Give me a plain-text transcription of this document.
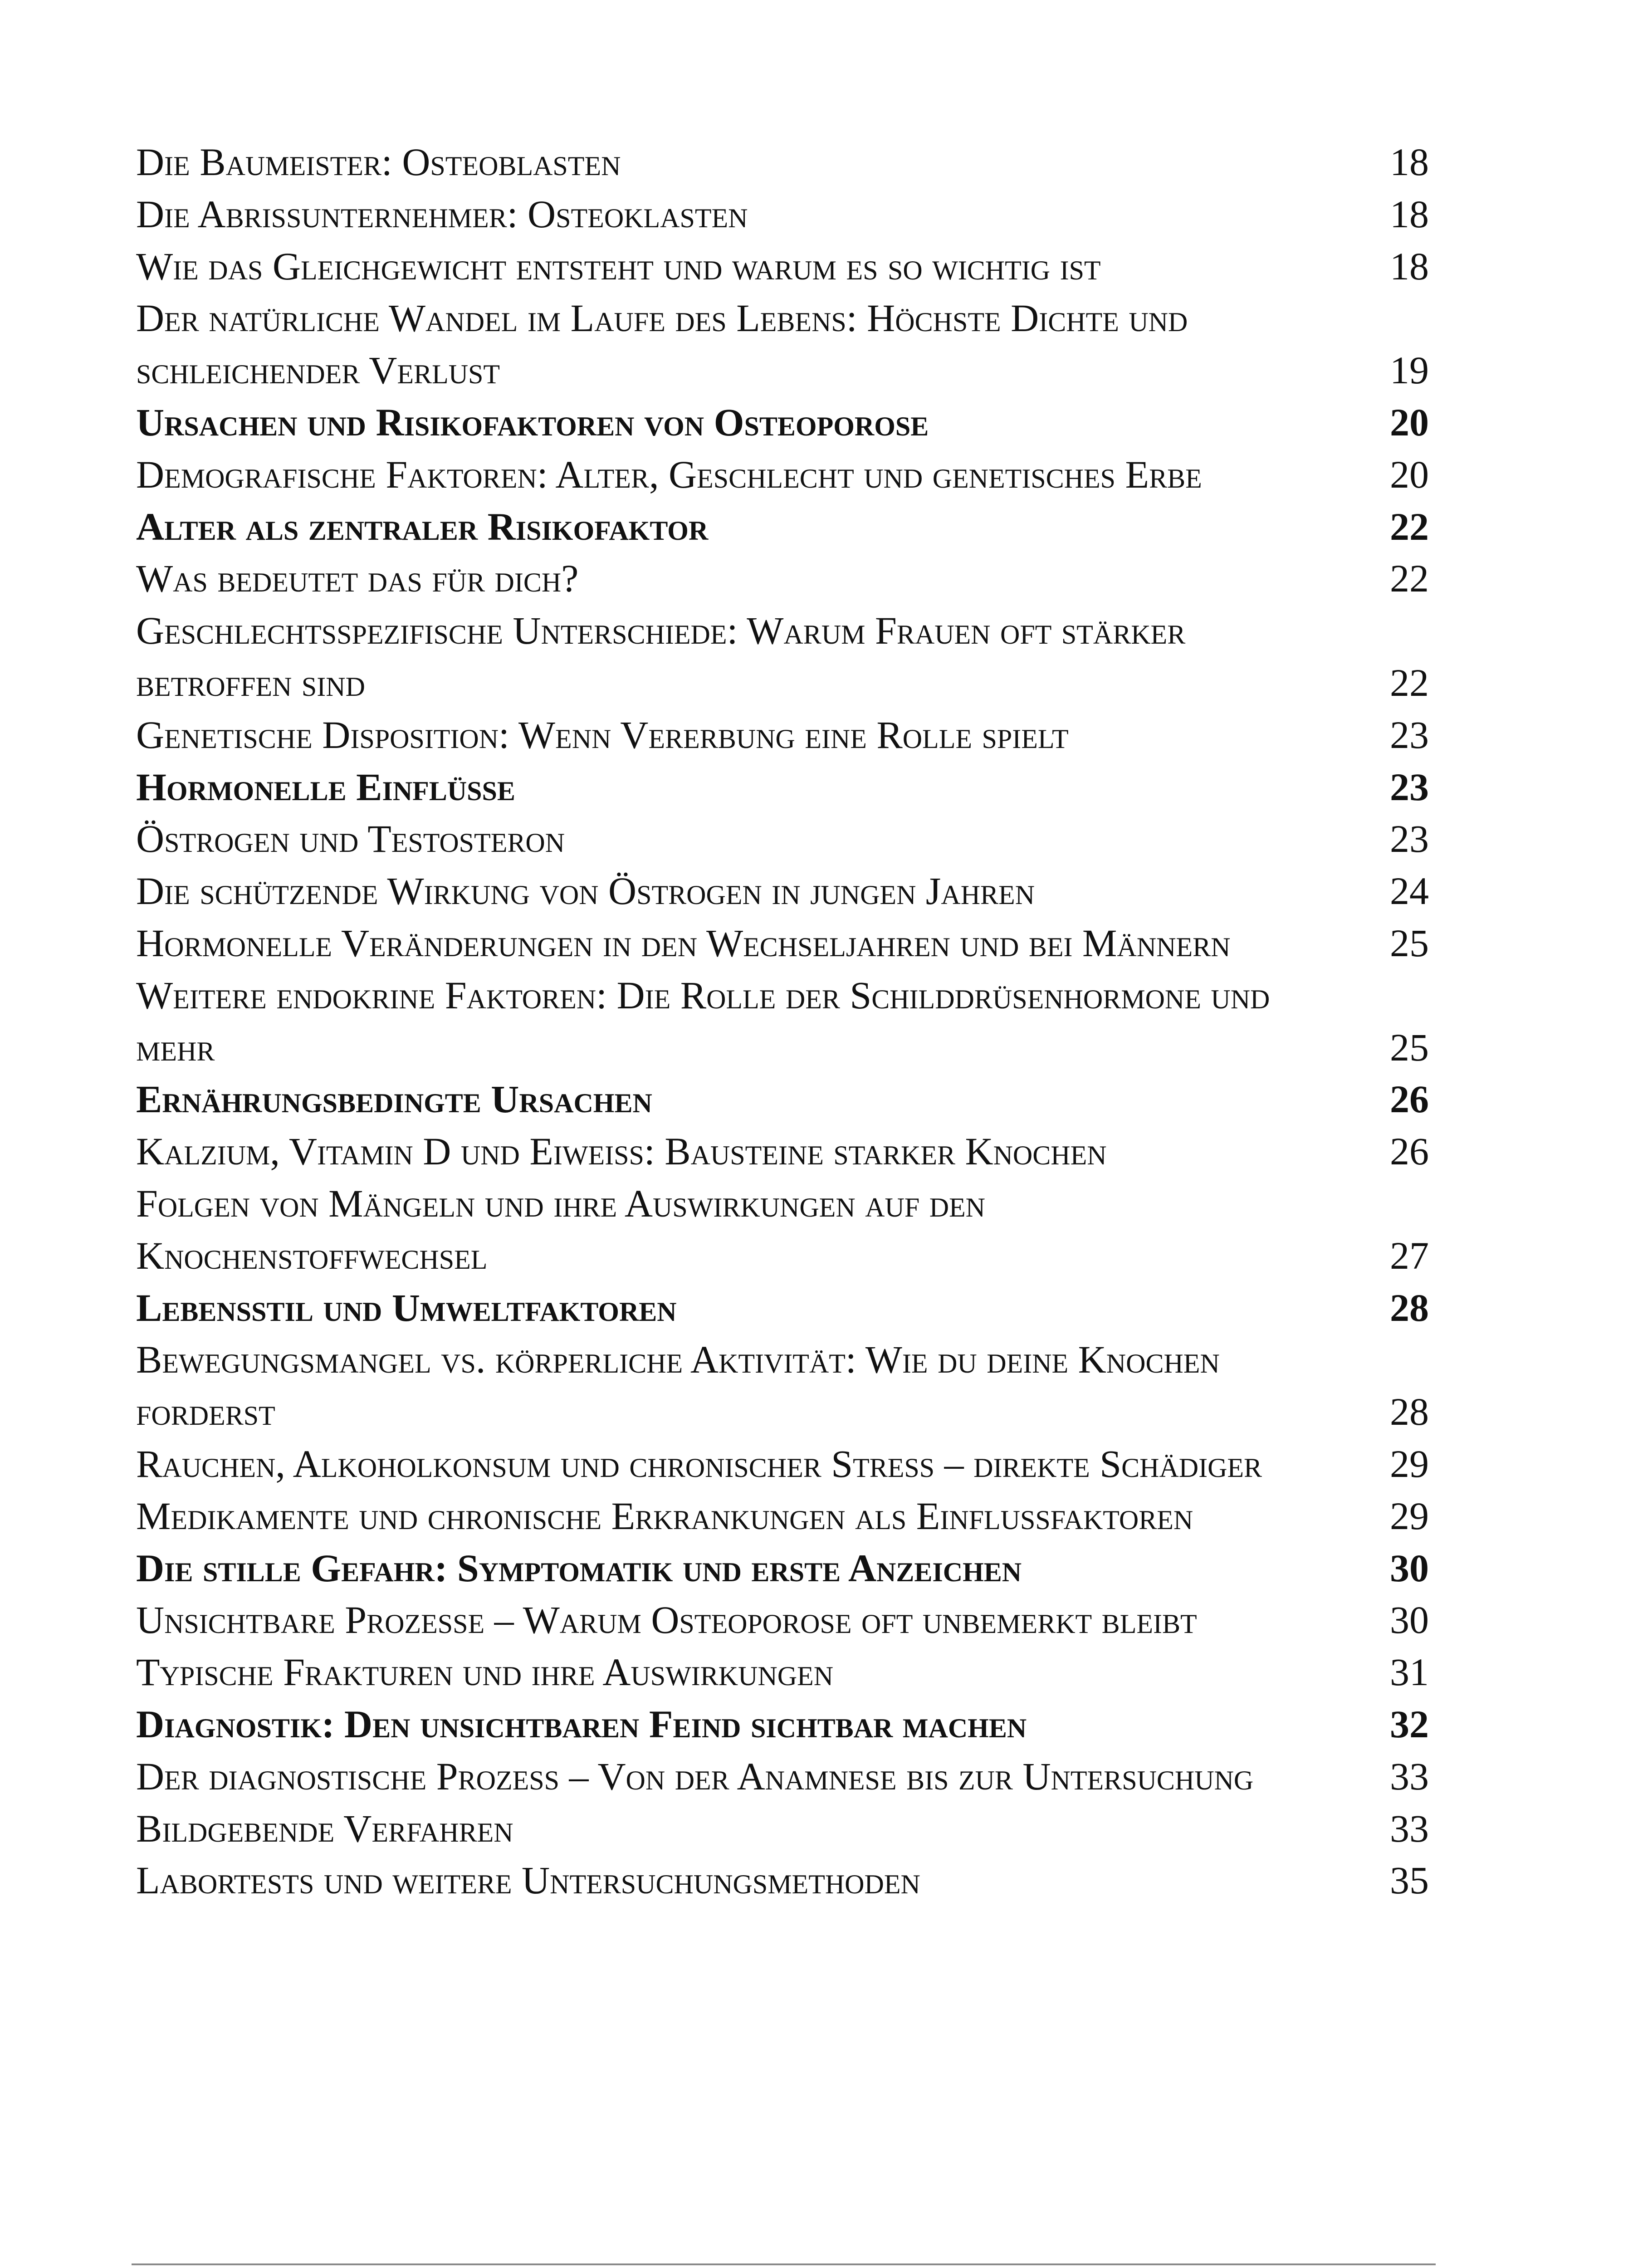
Die Baumeister: Osteoblasten	18
Die Abrissunternehmer: Osteoklasten	18
Wie das Gleichgewicht entsteht und warum es so wichtig ist	18
Der natürliche Wandel im Laufe des Lebens: Höchste Dichte und schleichender Verlust	19
Ursachen und Risikofaktoren von Osteoporose	20
Demografische Faktoren: Alter, Geschlecht und genetisches Erbe	20
Alter als zentraler Risikofaktor	22
Was bedeutet das für dich?	22
Geschlechtsspezifische Unterschiede: Warum Frauen oft stärker betroffen sind	22
Genetische Disposition: Wenn Vererbung eine Rolle spielt	23
Hormonelle Einflüsse	23
Östrogen und Testosteron	23
Die schützende Wirkung von Östrogen in jungen Jahren	24
Hormonelle Veränderungen in den Wechseljahren und bei Männern	25
Weitere endokrine Faktoren: Die Rolle der Schilddrüsenhormone und mehr	25
Ernährungsbedingte Ursachen	26
Kalzium, Vitamin D und Eiweiß: Bausteine starker Knochen	26
Folgen von Mängeln und ihre Auswirkungen auf den Knochenstoffwechsel	27
Lebensstil und Umweltfaktoren	28
Bewegungsmangel vs. körperliche Aktivität: Wie du deine Knochen forderst	28
Rauchen, Alkoholkonsum und chronischer Stress – direkte Schädiger	29
Medikamente und chronische Erkrankungen als Einflussfaktoren	29
Die stille Gefahr: Symptomatik und erste Anzeichen	30
Unsichtbare Prozesse – Warum Osteoporose oft unbemerkt bleibt	30
Typische Frakturen und ihre Auswirkungen	31
Diagnostik: Den unsichtbaren Feind sichtbar machen	32
Der diagnostische Prozess – Von der Anamnese bis zur Untersuchung	33
Bildgebende Verfahren	33
Labortests und weitere Untersuchungsmethoden	35
